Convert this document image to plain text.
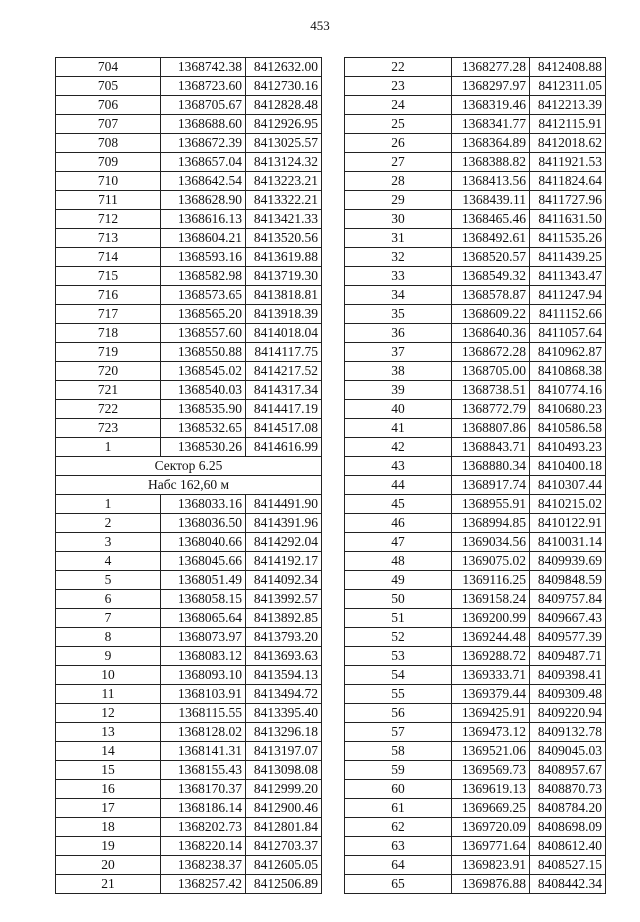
453
704	1368742.38	8412632.00
705	1368723.60	8412730.16
706	1368705.67	8412828.48
707	1368688.60	8412926.95
708	1368672.39	8413025.57
709	1368657.04	8413124.32
710	1368642.54	8413223.21
711	1368628.90	8413322.21
712	1368616.13	8413421.33
713	1368604.21	8413520.56
714	1368593.16	8413619.88
715	1368582.98	8413719.30
716	1368573.65	8413818.81
717	1368565.20	8413918.39
718	1368557.60	8414018.04
719	1368550.88	8414117.75
720	1368545.02	8414217.52
721	1368540.03	8414317.34
722	1368535.90	8414417.19
723	1368532.65	8414517.08
1	1368530.26	8414616.99
Сектор 6.25		
Набс 162,60 м		
1	1368033.16	8414491.90
2	1368036.50	8414391.96
3	1368040.66	8414292.04
4	1368045.66	8414192.17
5	1368051.49	8414092.34
6	1368058.15	8413992.57
7	1368065.64	8413892.85
8	1368073.97	8413793.20
9	1368083.12	8413693.63
10	1368093.10	8413594.13
11	1368103.91	8413494.72
12	1368115.55	8413395.40
13	1368128.02	8413296.18
14	1368141.31	8413197.07
15	1368155.43	8413098.08
16	1368170.37	8412999.20
17	1368186.14	8412900.46
18	1368202.73	8412801.84
19	1368220.14	8412703.37
20	1368238.37	8412605.05
21	1368257.42	8412506.89
22	1368277.28	8412408.88
23	1368297.97	8412311.05
24	1368319.46	8412213.39
25	1368341.77	8412115.91
26	1368364.89	8412018.62
27	1368388.82	8411921.53
28	1368413.56	8411824.64
29	1368439.11	8411727.96
30	1368465.46	8411631.50
31	1368492.61	8411535.26
32	1368520.57	8411439.25
33	1368549.32	8411343.47
34	1368578.87	8411247.94
35	1368609.22	8411152.66
36	1368640.36	8411057.64
37	1368672.28	8410962.87
38	1368705.00	8410868.38
39	1368738.51	8410774.16
40	1368772.79	8410680.23
41	1368807.86	8410586.58
42	1368843.71	8410493.23
43	1368880.34	8410400.18
44	1368917.74	8410307.44
45	1368955.91	8410215.02
46	1368994.85	8410122.91
47	1369034.56	8410031.14
48	1369075.02	8409939.69
49	1369116.25	8409848.59
50	1369158.24	8409757.84
51	1369200.99	8409667.43
52	1369244.48	8409577.39
53	1369288.72	8409487.71
54	1369333.71	8409398.41
55	1369379.44	8409309.48
56	1369425.91	8409220.94
57	1369473.12	8409132.78
58	1369521.06	8409045.03
59	1369569.73	8408957.67
60	1369619.13	8408870.73
61	1369669.25	8408784.20
62	1369720.09	8408698.09
63	1369771.64	8408612.40
64	1369823.91	8408527.15
65	1369876.88	8408442.34
